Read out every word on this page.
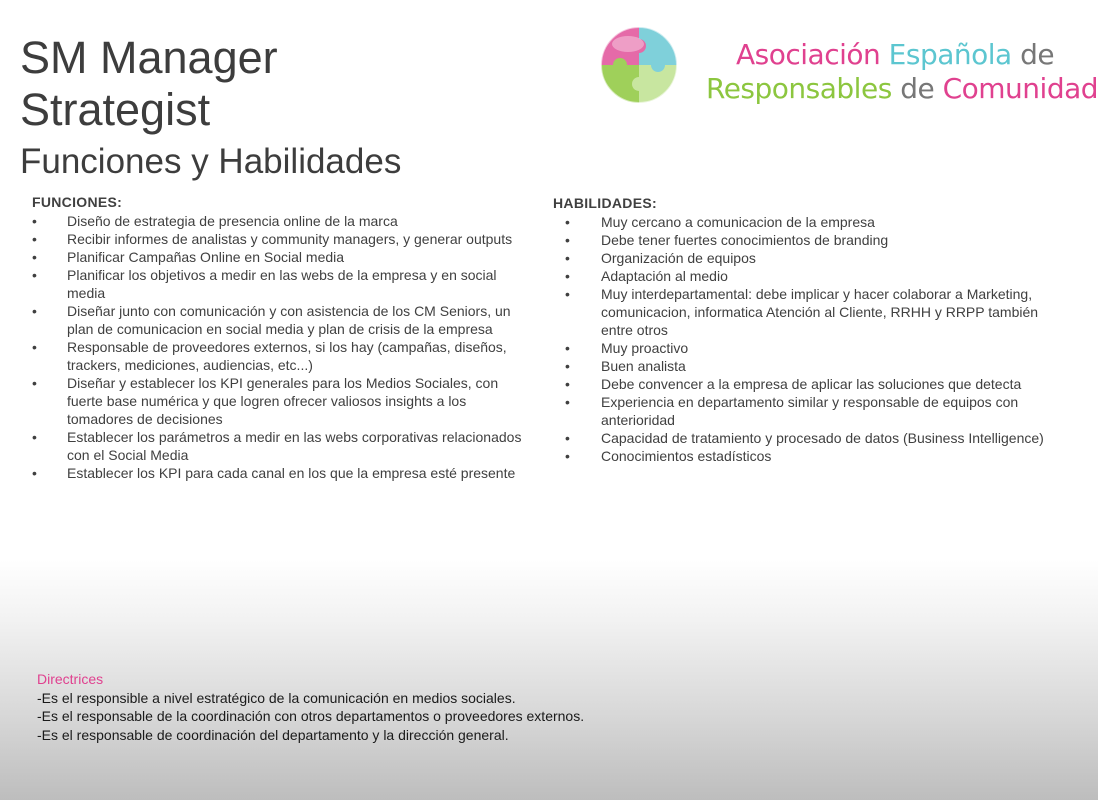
SM Manager
Strategist
Funciones y Habilidades
Asociación Española de
Responsables de Comunidad
FUNCIONES:
• Diseño de estrategia de presencia online de la marca
• Recibir informes de analistas y community managers, y generar outputs
• Planificar Campañas Online en Social media
• Planificar los objetivos a medir en las webs de la empresa y en social media
• Diseñar junto con comunicación y con asistencia de los CM Seniors, un plan de comunicacion en social media y plan de crisis de la empresa
• Responsable de proveedores externos, si los hay (campañas, diseños, trackers, mediciones, audiencias, etc...)
• Diseñar y establecer los KPI generales para los Medios Sociales, con fuerte base numérica y que logren ofrecer valiosos insights a los tomadores de decisiones
• Establecer los parámetros a medir en las webs corporativas relacionados con el Social Media
• Establecer los KPI para cada canal en los que la empresa esté presente
HABILIDADES:
• Muy cercano a comunicacion de la empresa
• Debe tener fuertes conocimientos de branding
• Organización de equipos
• Adaptación al medio
• Muy interdepartamental: debe implicar y hacer colaborar a Marketing, comunicacion, informatica Atención al Cliente, RRHH y RRPP también entre otros
• Muy proactivo
• Buen analista
• Debe convencer a la empresa de aplicar las soluciones que detecta
• Experiencia en departamento similar y responsable de equipos con anterioridad
• Capacidad de tratamiento y procesado de datos (Business Intelligence)
• Conocimientos estadísticos
Directrices
-Es el responsible a nivel estratégico de la comunicación en medios sociales.
-Es el responsable de la coordinación con otros departamentos o proveedores externos.
-Es el responsable de coordinación del departamento y la dirección general.
